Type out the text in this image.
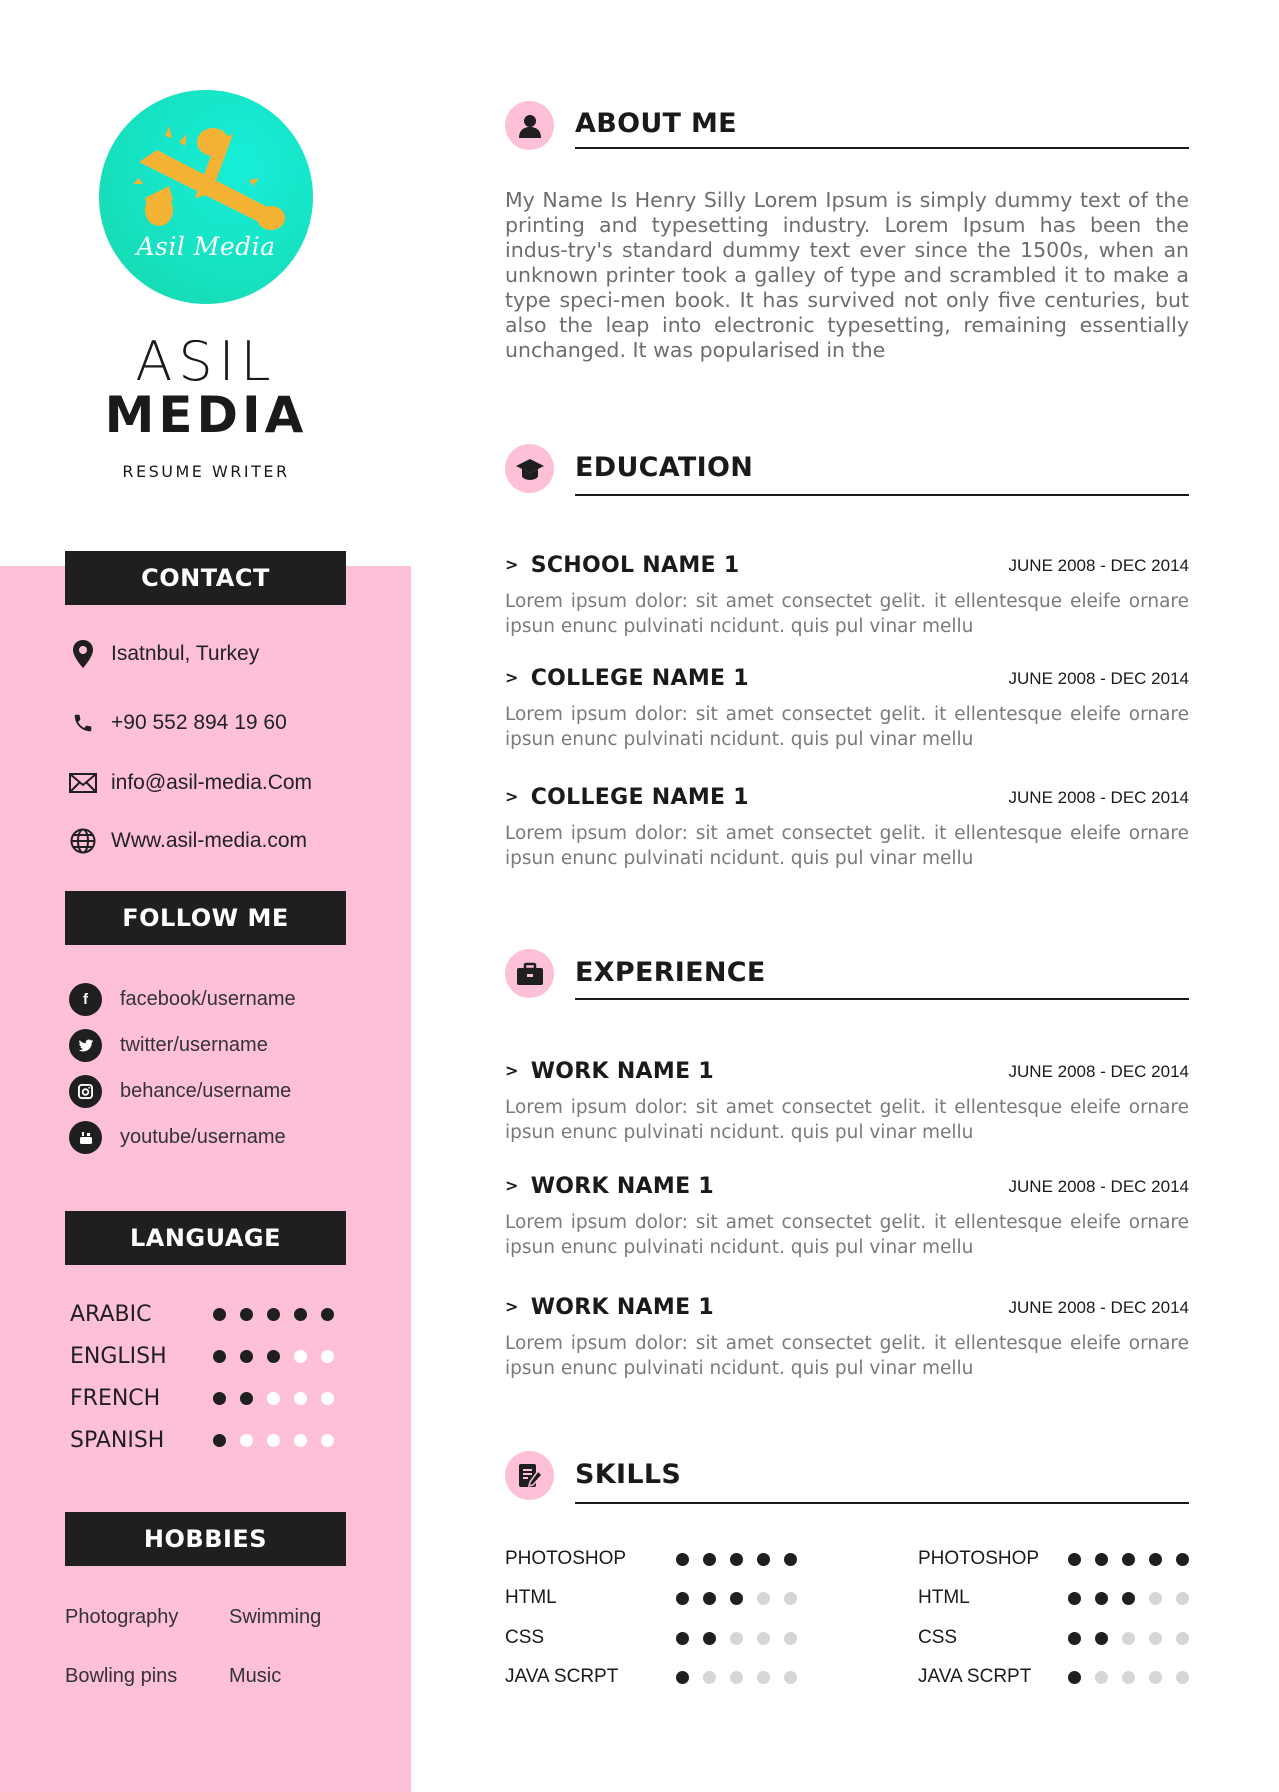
Asil Media
ASIL
MEDIA
RESUME WRITER
CONTACT
Isatnbul, Turkey
+90 552 894 19 60
info@asil-media.Com
Www.asil-media.com
FOLLOW ME
f	facebook/username
twitter/username
behance/username
youtube/username
LANGUAGE
ARABIC
ENGLISH
FRENCH
SPANISH
HOBBIES
Photography	Swimming
Bowling pins	Music
ABOUT ME
My Name Is Henry Silly Lorem Ipsum is simply dummy text of the printing and typesetting industry. Lorem Ipsum has been the indus-try's standard dummy text ever since the 1500s, when an unknown printer took a galley of type and scrambled it to make a type speci-men book. It has survived not only five centuries, but also the leap into electronic typesetting, remaining essentially unchanged. It was popularised in the
EDUCATION
> SCHOOL NAME 1	JUNE 2008 - DEC 2014
Lorem ipsum dolor: sit amet consectet gelit. it ellentesque eleife ornare ipsun enunc pulvinati ncidunt. quis pul vinar mellu
> COLLEGE NAME 1	JUNE 2008 - DEC 2014
Lorem ipsum dolor: sit amet consectet gelit. it ellentesque eleife ornare ipsun enunc pulvinati ncidunt. quis pul vinar mellu
> COLLEGE NAME 1	JUNE 2008 - DEC 2014
Lorem ipsum dolor: sit amet consectet gelit. it ellentesque eleife ornare ipsun enunc pulvinati ncidunt. quis pul vinar mellu
EXPERIENCE
> WORK NAME 1	JUNE 2008 - DEC 2014
Lorem ipsum dolor: sit amet consectet gelit. it ellentesque eleife ornare ipsun enunc pulvinati ncidunt. quis pul vinar mellu
> WORK NAME 1	JUNE 2008 - DEC 2014
Lorem ipsum dolor: sit amet consectet gelit. it ellentesque eleife ornare ipsun enunc pulvinati ncidunt. quis pul vinar mellu
> WORK NAME 1	JUNE 2008 - DEC 2014
Lorem ipsum dolor: sit amet consectet gelit. it ellentesque eleife ornare ipsun enunc pulvinati ncidunt. quis pul vinar mellu
SKILLS
PHOTOSHOP
HTML
CSS
JAVA SCRPT
PHOTOSHOP
HTML
CSS
JAVA SCRPT
